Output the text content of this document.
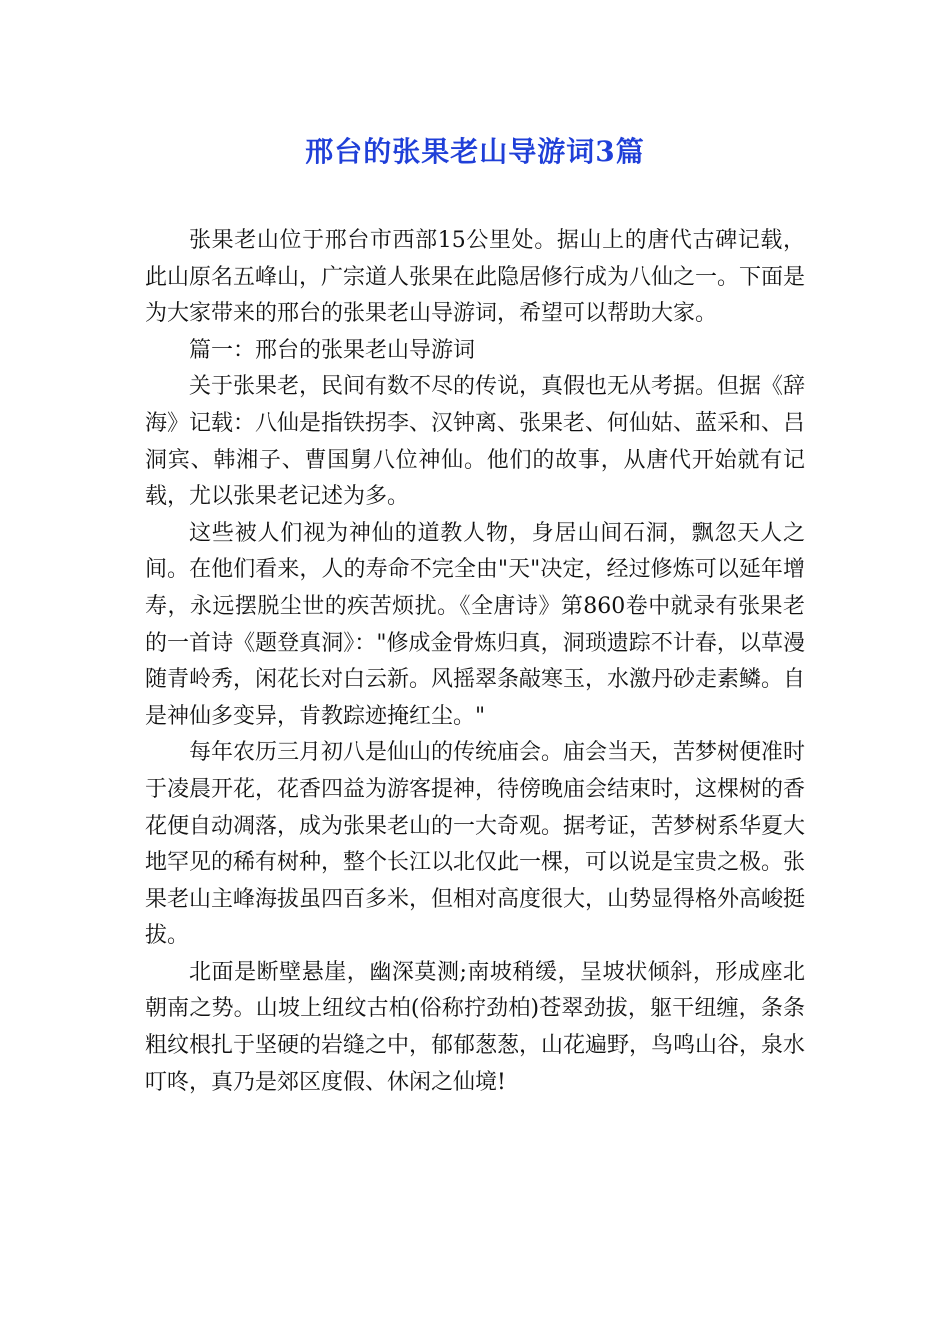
邢台的张果老山导游词3篇

张果老山位于邢台市西部15公里处。据山上的唐代古碑记载，此山原名五峰山，广宗道人张果在此隐居修行成为八仙之一。下面是为大家带来的邢台的张果老山导游词，希望可以帮助大家。

篇一：邢台的张果老山导游词

关于张果老，民间有数不尽的传说，真假也无从考据。但据《辞海》记载：八仙是指铁拐李、汉钟离、张果老、何仙姑、蓝采和、吕洞宾、韩湘子、曹国舅八位神仙。他们的故事，从唐代开始就有记载，尤以张果老记述为多。

这些被人们视为神仙的道教人物，身居山间石洞，飘忽天人之间。在他们看来，人的寿命不完全由"天"决定，经过修炼可以延年增寿，永远摆脱尘世的疾苦烦扰。《全唐诗》第860卷中就录有张果老的一首诗《题登真洞》："修成金骨炼归真，洞琐遗踪不计春，以草漫随青岭秀，闲花长对白云新。风摇翠条敲寒玉，水激丹砂走素鳞。自是神仙多变异，肯教踪迹掩红尘。"

每年农历三月初八是仙山的传统庙会。庙会当天，苦梦树便准时于凌晨开花，花香四益为游客提神，待傍晚庙会结束时，这棵树的香花便自动凋落，成为张果老山的一大奇观。据考证，苦梦树系华夏大地罕见的稀有树种，整个长江以北仅此一棵，可以说是宝贵之极。张果老山主峰海拔虽四百多米，但相对高度很大，山势显得格外高峻挺拔。

北面是断壁悬崖，幽深莫测;南坡稍缓，呈坡状倾斜，形成座北朝南之势。山坡上纽纹古柏(俗称拧劲柏)苍翠劲拔，躯干纽缠，条条粗纹根扎于坚硬的岩缝之中，郁郁葱葱，山花遍野，鸟鸣山谷，泉水叮咚，真乃是郊区度假、休闲之仙境!
